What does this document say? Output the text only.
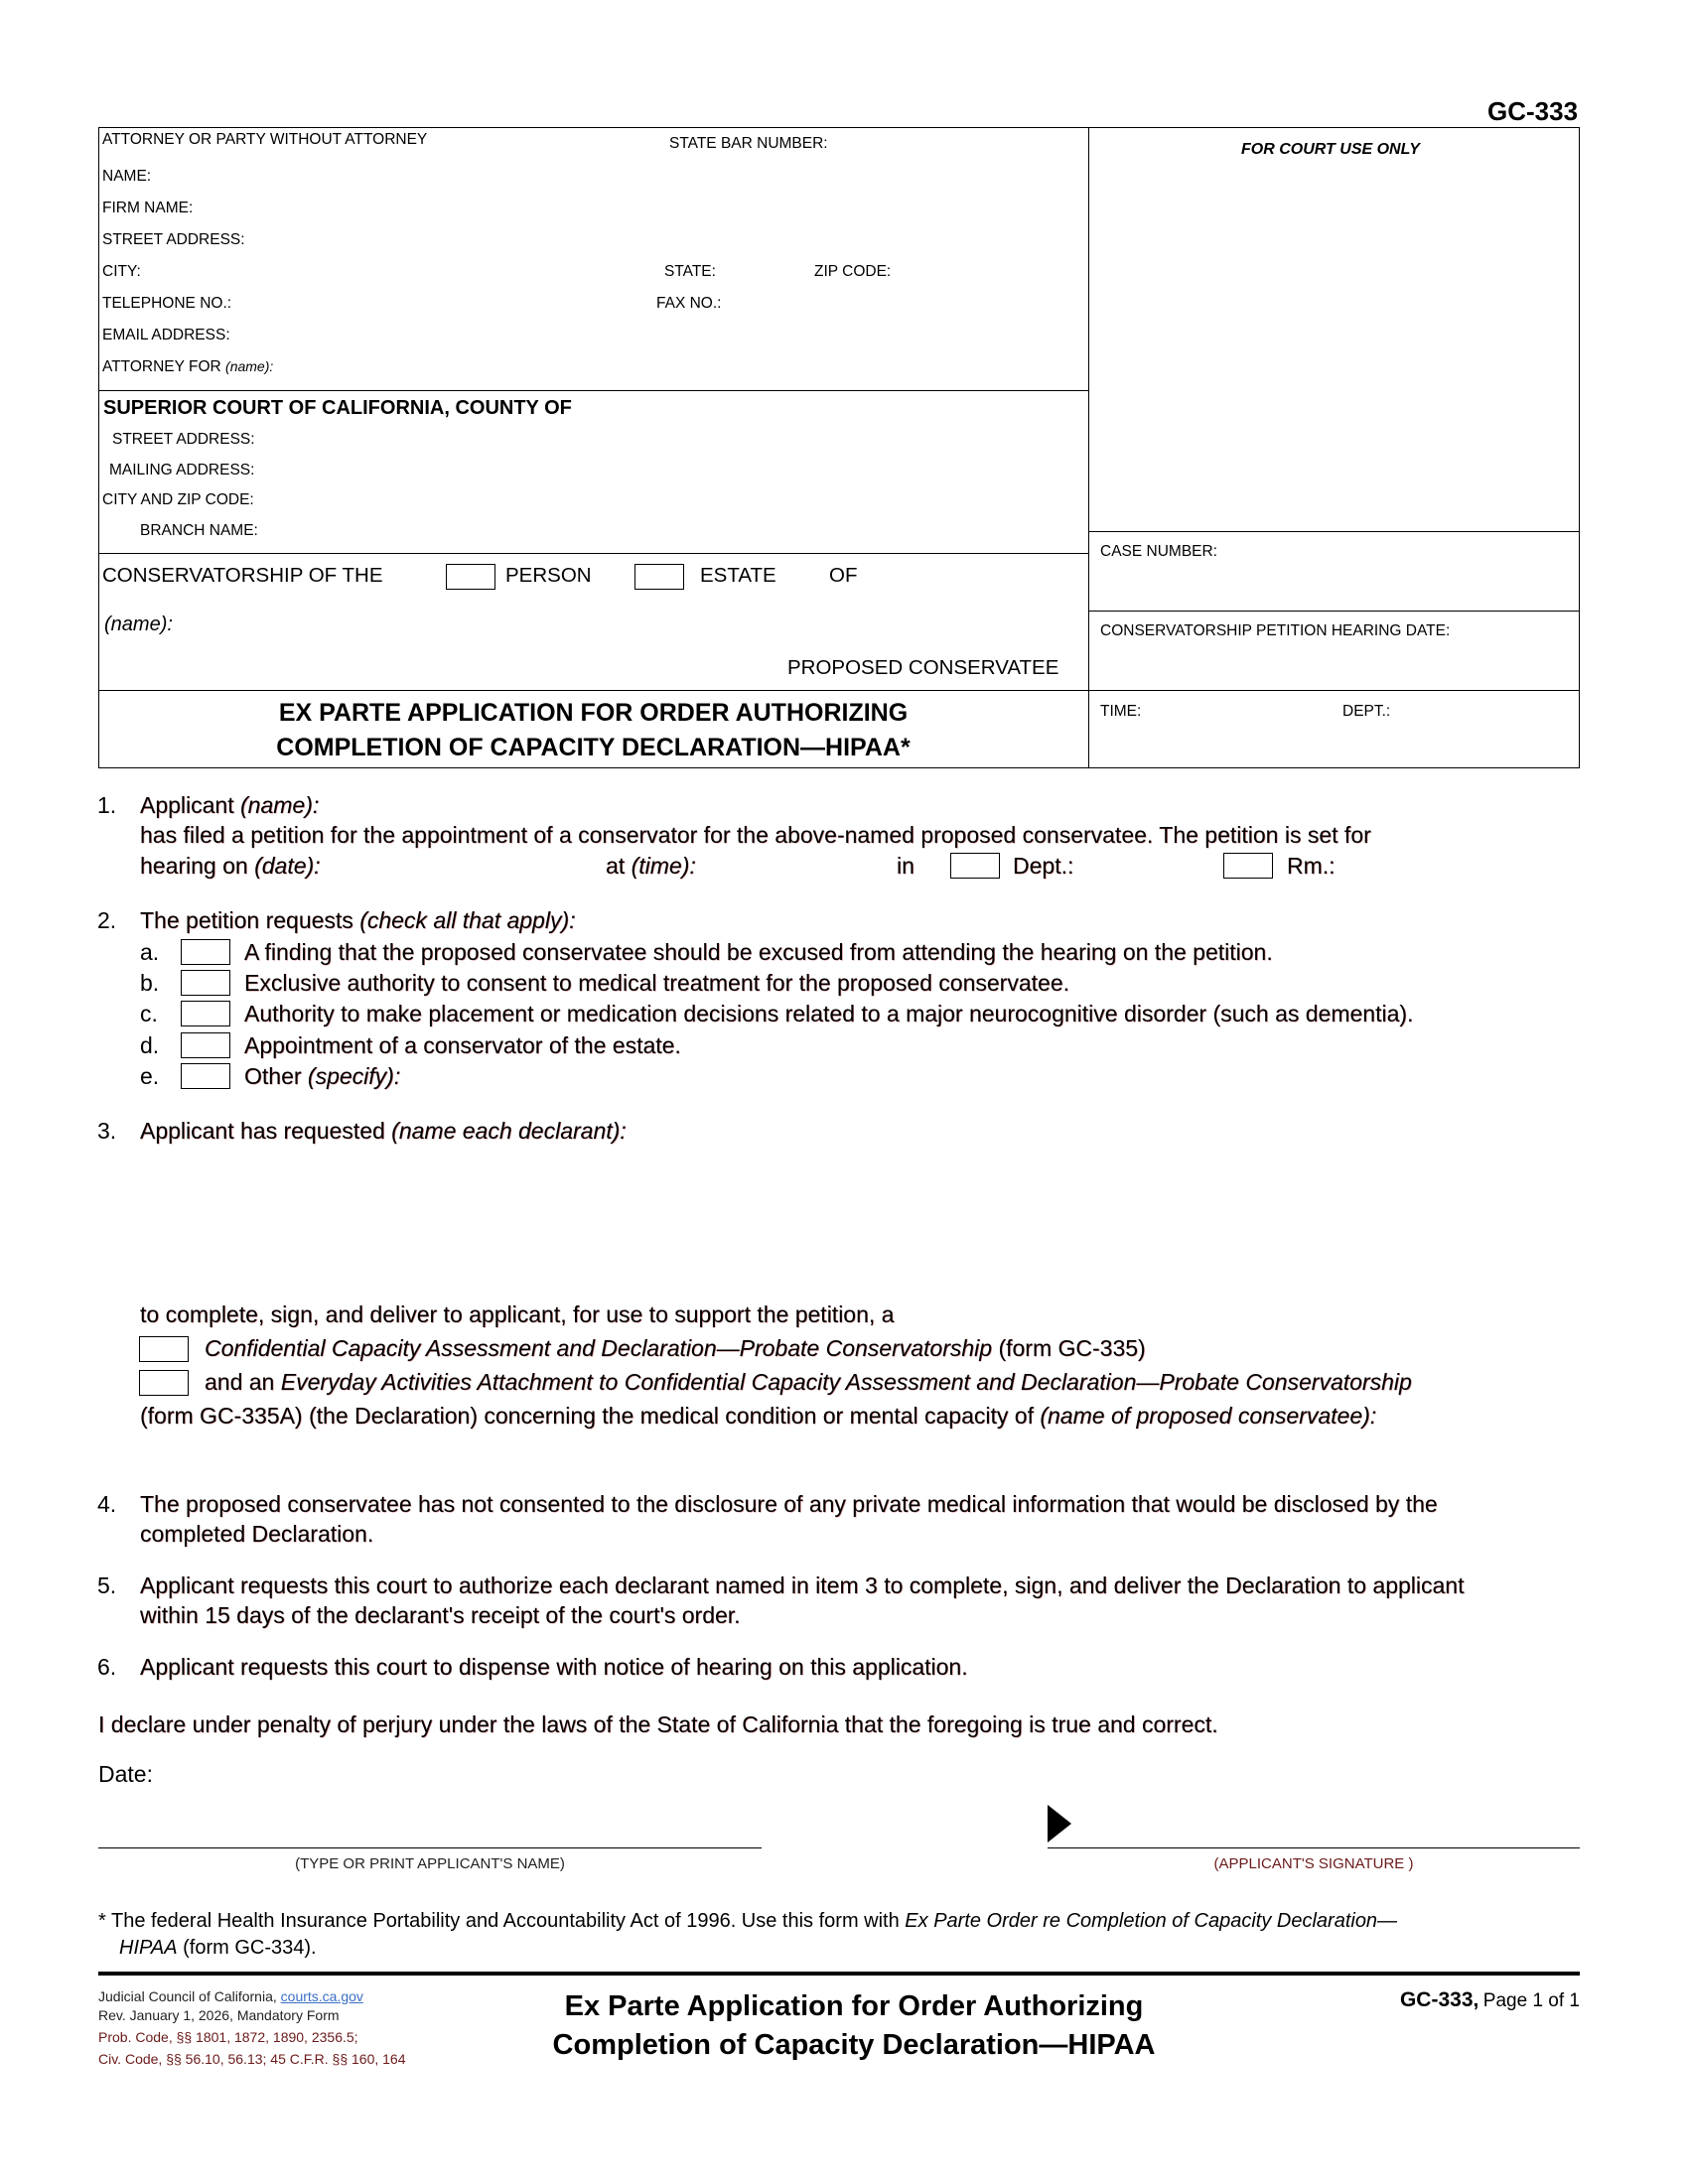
GC-333
ATTORNEY OR PARTY WITHOUT ATTORNEY	STATE BAR NUMBER:
NAME:
FIRM NAME:
STREET ADDRESS:
CITY:	STATE:	ZIP CODE:
TELEPHONE NO.:	FAX NO.:
EMAIL ADDRESS:
ATTORNEY FOR (name):
FOR COURT USE ONLY
SUPERIOR COURT OF CALIFORNIA, COUNTY OF
STREET ADDRESS:
MAILING ADDRESS:
CITY AND ZIP CODE:
BRANCH NAME:
CONSERVATORSHIP OF THE	PERSON	ESTATE	OF
(name):
PROPOSED CONSERVATEE
EX PARTE APPLICATION FOR ORDER AUTHORIZING
COMPLETION OF CAPACITY DECLARATION—HIPAA*
CASE NUMBER:
CONSERVATORSHIP PETITION HEARING DATE:
TIME:	DEPT.:
1. Applicant (name):
has filed a petition for the appointment of a conservator for the above-named proposed conservatee. The petition is set for
hearing on (date):	at (time):	in	Dept.:	Rm.:
2. The petition requests (check all that apply):
a.	A finding that the proposed conservatee should be excused from attending the hearing on the petition.
b.	Exclusive authority to consent to medical treatment for the proposed conservatee.
c.	Authority to make placement or medication decisions related to a major neurocognitive disorder (such as dementia).
d.	Appointment of a conservator of the estate.
e.	Other (specify):
3. Applicant has requested (name each declarant):
to complete, sign, and deliver to applicant, for use to support the petition, a
Confidential Capacity Assessment and Declaration—Probate Conservatorship (form GC-335)
and an Everyday Activities Attachment to Confidential Capacity Assessment and Declaration—Probate Conservatorship
(form GC-335A) (the Declaration) concerning the medical condition or mental capacity of (name of proposed conservatee):
4. The proposed conservatee has not consented to the disclosure of any private medical information that would be disclosed by the
completed Declaration.
5. Applicant requests this court to authorize each declarant named in item 3 to complete, sign, and deliver the Declaration to applicant
within 15 days of the declarant's receipt of the court's order.
6. Applicant requests this court to dispense with notice of hearing on this application.
I declare under penalty of perjury under the laws of the State of California that the foregoing is true and correct.
Date:
(TYPE OR PRINT APPLICANT'S NAME)	(APPLICANT'S SIGNATURE )
* The federal Health Insurance Portability and Accountability Act of 1996. Use this form with Ex Parte Order re Completion of Capacity Declaration—
HIPAA (form GC-334).
Judicial Council of California, courts.ca.gov
Rev. January 1, 2026, Mandatory Form
Prob. Code, §§ 1801, 1872, 1890, 2356.5;
Civ. Code, §§ 56.10, 56.13; 45 C.F.R. §§ 160, 164
Ex Parte Application for Order Authorizing
Completion of Capacity Declaration—HIPAA
GC-333, Page 1 of 1
